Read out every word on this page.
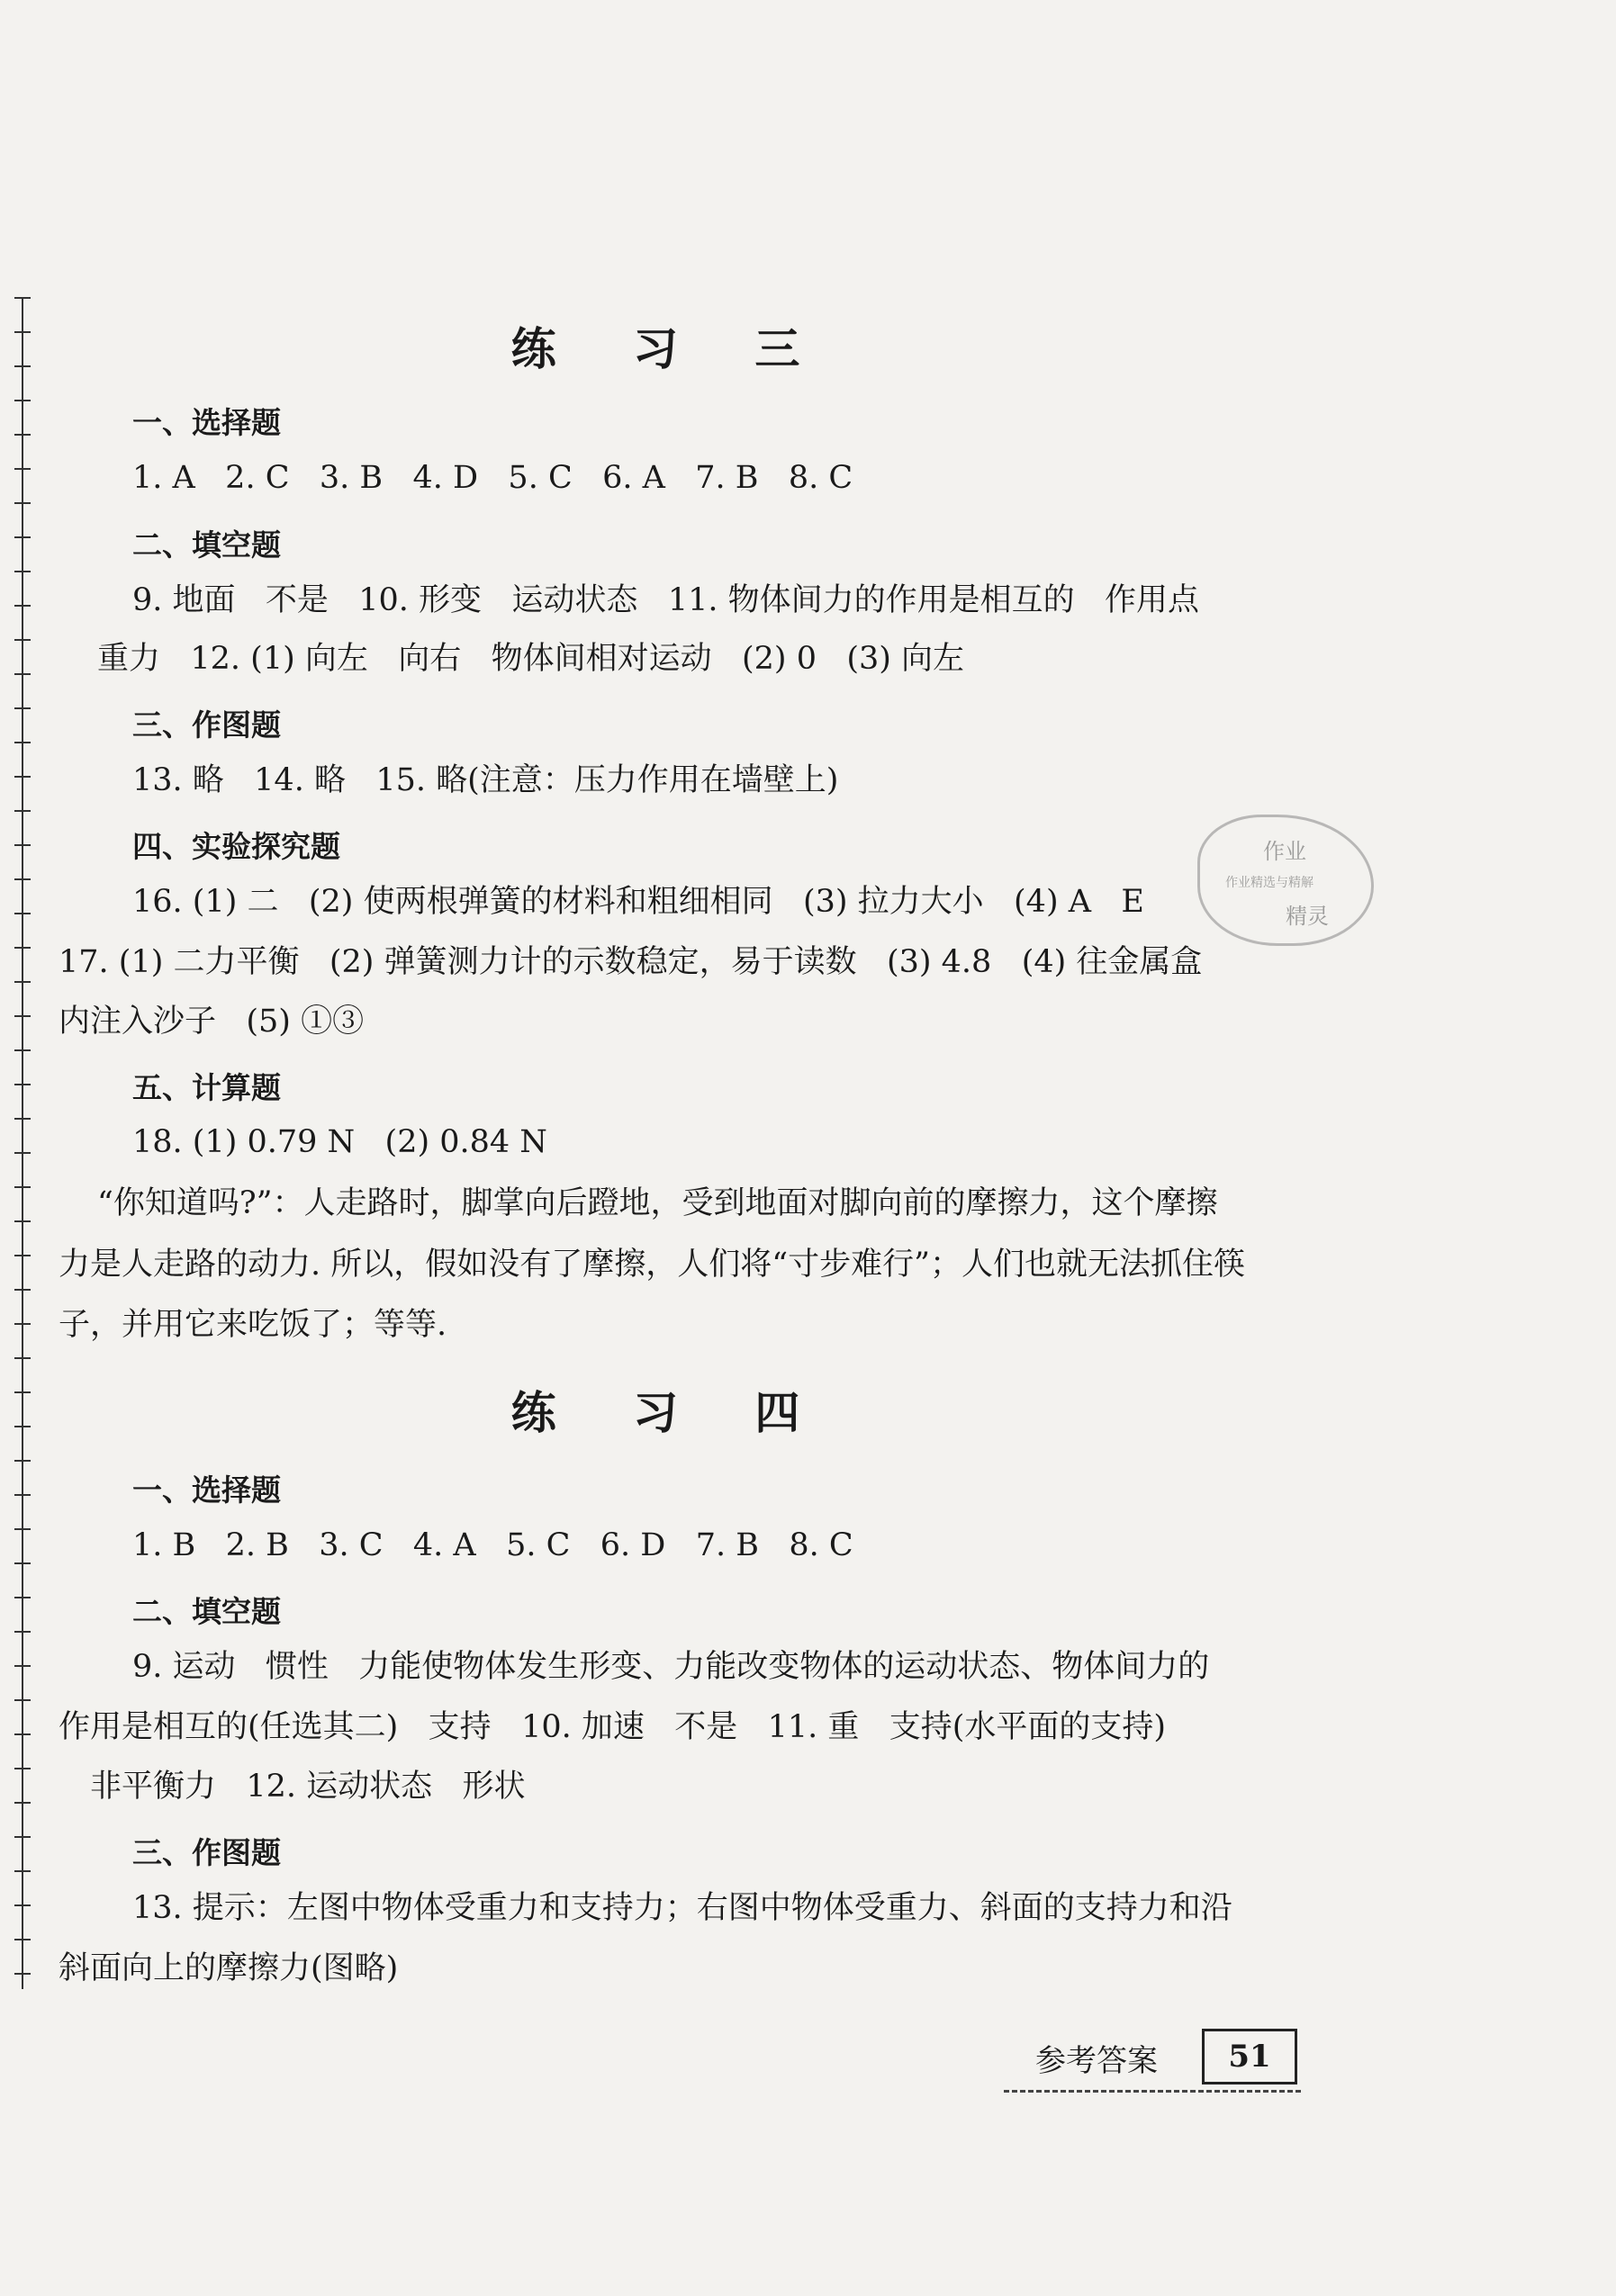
练 习 三
一、选择题
1. A   2. C   3. B   4. D   5. C   6. A   7. B   8. C
二、填空题
9. 地面   不是   10. 形变   运动状态   11. 物体间力的作用是相互的   作用点
重力   12. (1) 向左   向右   物体间相对运动   (2) 0   (3) 向左
三、作图题
13. 略   14. 略   15. 略(注意：压力作用在墙壁上)
四、实验探究题
16. (1) 二   (2) 使两根弹簧的材料和粗细相同   (3) 拉力大小   (4) A   E
17. (1) 二力平衡   (2) 弹簧测力计的示数稳定，易于读数   (3) 4.8   (4) 往金属盒
内注入沙子   (5) ①③
五、计算题
18. (1) 0.79 N   (2) 0.84 N
“你知道吗?”：人走路时，脚掌向后蹬地，受到地面对脚向前的摩擦力，这个摩擦
力是人走路的动力. 所以，假如没有了摩擦，人们将“寸步难行”；人们也就无法抓住筷
子，并用它来吃饭了；等等.
练 习 四
一、选择题
1. B   2. B   3. C   4. A   5. C   6. D   7. B   8. C
二、填空题
9. 运动   惯性   力能使物体发生形变、力能改变物体的运动状态、物体间力的
作用是相互的(任选其二)   支持   10. 加速   不是   11. 重   支持(水平面的支持)
非平衡力   12. 运动状态   形状
三、作图题
13. 提示：左图中物体受重力和支持力；右图中物体受重力、斜面的支持力和沿
斜面向上的摩擦力(图略)
作业
作业精选与精解
精灵
参考答案	51
